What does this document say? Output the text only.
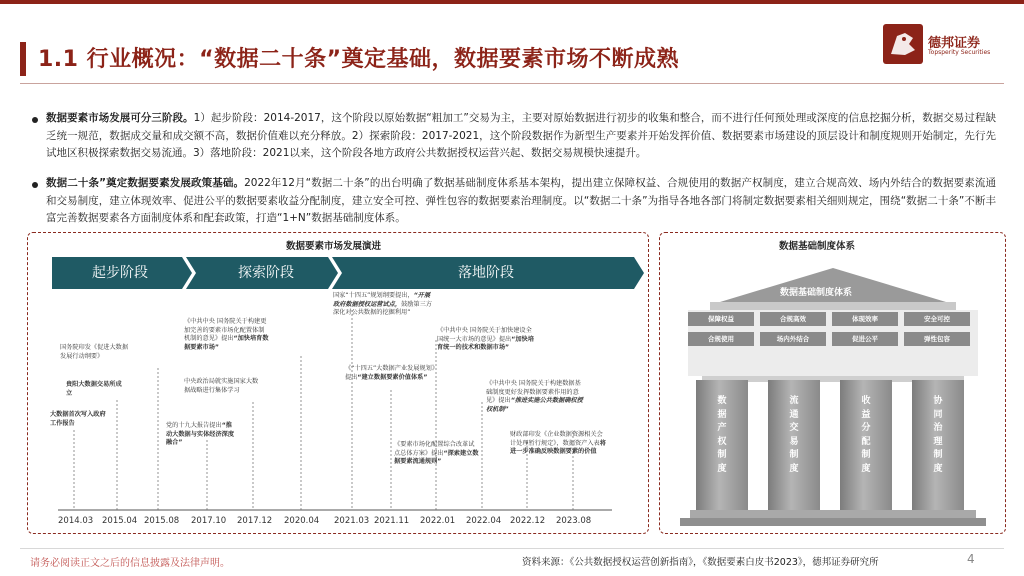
1.1 行业概况：“数据二十条”奠定基础，数据要素市场不断成熟
德邦证券
Topsperity Securities
数据要素市场发展可分三阶段。1）起步阶段：2014-2017，这个阶段以原始数据“粗加工”交易为主，主要对原始数据进行初步的收集和整合，而不进行任何预处理或深度的信息挖掘分析，数据交易过程缺乏统一规范，数据成交量和成交额不高，数据价值难以充分释放。2）探索阶段：2017-2021，这个阶段数据作为新型生产要素并开始发挥价值、数据要素市场建设的顶层设计和制度规则开始制定，先行先试地区积极探索数据交易流通。3）落地阶段：2021以来，这个阶段各地方政府公共数据授权运营兴起、数据交易规模快速提升。
数据二十条”奠定数据要素发展政策基础。2022年12月“数据二十条”的出台明确了数据基础制度体系基本架构，提出建立保障权益、合规使用的数据产权制度，建立合规高效、场内外结合的数据要素流通和交易制度，建立体现效率、促进公平的数据要素收益分配制度，建立安全可控、弹性包容的数据要素治理制度。以“数据二十条”为指导各地各部门将制定数据要素相关细则规定，围绕“数据二十条”不断丰富完善数据要素各方面制度体系和配套政策，打造“1+N”数据基础制度体系。
数据要素市场发展演进
起步阶段	探索阶段	落地阶段
2014.03 2015.04 2015.08 2017.10 2017.12 2020.04 2021.03 2021.11 2022.01 2022.04 2022.12 2023.08
大数据首次写入政府工作报告
贵阳大数据交易所成立
国务院印发《促进大数据发展行动纲要》
党的十九大报告提出“推动大数据与实体经济深度融合”
中央政治局就实施国家大数据战略进行集体学习
《中共中央 国务院关于构建更加完善的要素市场化配置体制机制的意见》提出“加快培育数据要素市场”
国家“十四五”规划纲要提出，“开展政府数据授权运营试点，鼓励第三方深化对公共数据的挖掘利用”
《“十四五”大数据产业发展规划》提出“建立数据要素价值体系”
《中共中央 国务院关于加快建设全国统一大市场的意见》提出“加快培育统一的技术和数据市场”
《要素市场化配置综合改革试点总体方案》提出“探索建立数据要素流通规则”
《中共中央 国务院关于构建数据基础制度更好发挥数据要素作用的意见》提出“推进实施公共数据确权授权机制”
财政部印发《企业数据资源相关会计处理暂行规定》，数据资产入表将进一步准确反映数据要素的价值
数据基础制度体系
数据基础制度体系
保障权益	合规高效	体现效率	安全可控
合规使用	场内外结合	促进公平	弹性包容
数据产权制度
流通交易制度
收益分配制度
协同治理制度
请务必阅读正文之后的信息披露及法律声明。	资料来源：《公共数据授权运营创新指南》，《数据要素白皮书2023》，德邦证券研究所	4
